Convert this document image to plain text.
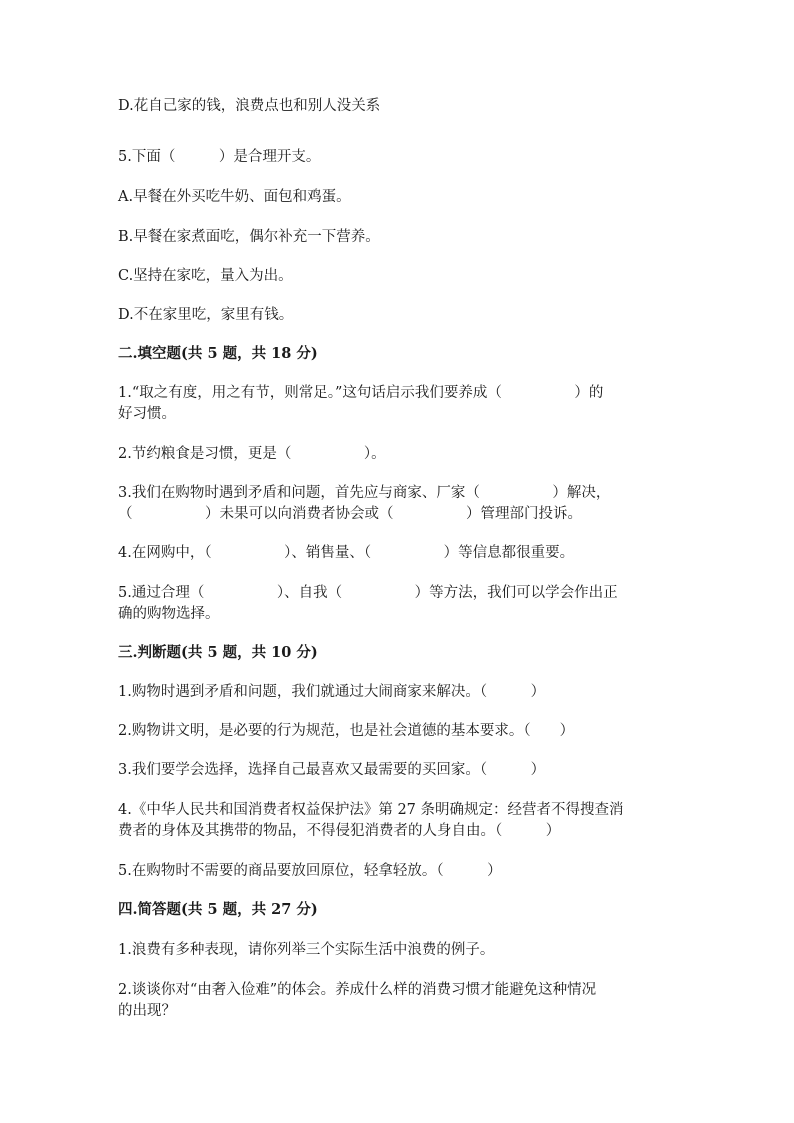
D.花自己家的钱，浪费点也和别人没关系
5.下面（　　　）是合理开支。
A.早餐在外买吃牛奶、面包和鸡蛋。
B.早餐在家煮面吃，偶尔补充一下营养。
C.坚持在家吃，量入为出。
D.不在家里吃，家里有钱。
二.填空题(共 5 题，共 18 分)
1.“取之有度，用之有节，则常足。”这句话启示我们要养成（　　　　　）的
好习惯。
2.节约粮食是习惯，更是（　　　　　）。
3.我们在购物时遇到矛盾和问题，首先应与商家、厂家（　　　　　）解决，
（　　　　　）未果可以向消费者协会或（　　　　　）管理部门投诉。
4.在网购中，（　　　　　）、销售量、（　　　　　）等信息都很重要。
5.通过合理（　　　　　）、自我（　　　　　）等方法，我们可以学会作出正
确的购物选择。
三.判断题(共 5 题，共 10 分)
1.购物时遇到矛盾和问题，我们就通过大闹商家来解决。（　　　）
2.购物讲文明，是必要的行为规范，也是社会道德的基本要求。（　　）
3.我们要学会选择，选择自己最喜欢又最需要的买回家。（　　　）
4.《中华人民共和国消费者权益保护法》第 27 条明确规定：经营者不得搜查消
费者的身体及其携带的物品，不得侵犯消费者的人身自由。（　　　）
5.在购物时不需要的商品要放回原位，轻拿轻放。（　　　）
四.简答题(共 5 题，共 27 分)
1.浪费有多种表现，请你列举三个实际生活中浪费的例子。
2.谈谈你对“由奢入俭难”的体会。养成什么样的消费习惯才能避免这种情况
的出现？
